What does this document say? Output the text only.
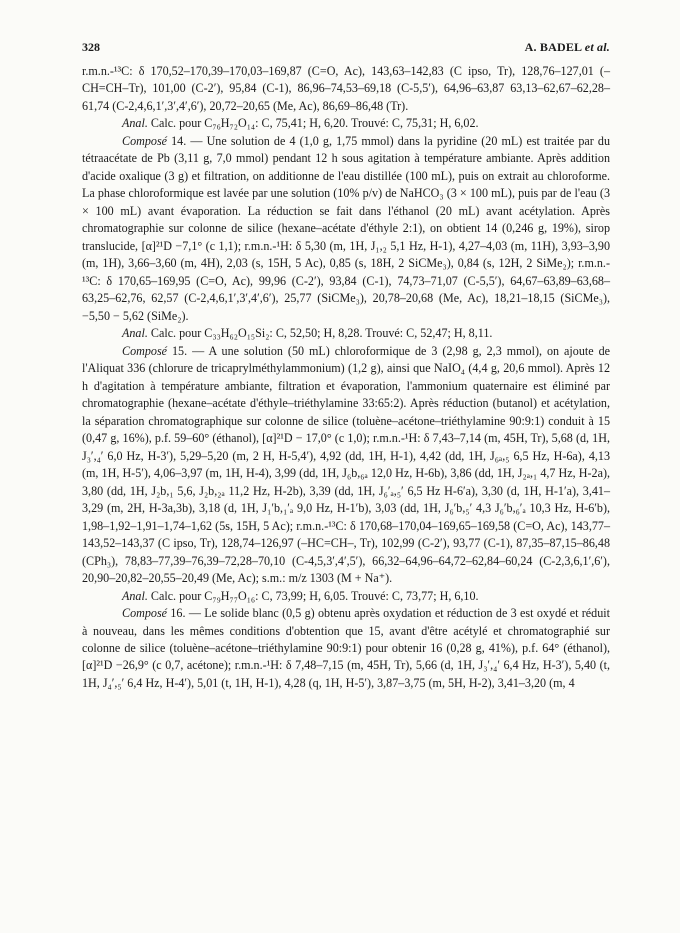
328	A. BADEL et al.

r.m.n.-¹³C: δ 170,52–170,39–170,03–169,87 (C=O, Ac), 143,63–142,83 (C ipso, Tr), 128,76–127,01 (–CH=CH–Tr), 101,00 (C-2′), 95,84 (C-1), 86,96–74,53–69,18 (C-5,5′), 64,96–63,87 63,13–62,67–62,28–61,74 (C-2,4,6,1′,3′,4′,6′), 20,72–20,65 (Me, Ac), 86,69–86,48 (Tr).

Anal. Calc. pour C₇₆H₇₂O₁₄: C, 75,41; H, 6,20. Trouvé: C, 75,31; H, 6,02.

Composé 14. — Une solution de 4 (1,0 g, 1,75 mmol) dans la pyridine (20 mL) est traitée par du tétraacétate de Pb (3,11 g, 7,0 mmol) pendant 12 h sous agitation à température ambiante. Après addition d'acide oxalique (3 g) et filtration, on additionne de l'eau distillée (100 mL), puis on extrait au chloroforme. La phase chloroformique est lavée par une solution (10% p/v) de NaHCO₃ (3 × 100 mL), puis par de l'eau (3 × 100 mL) avant évaporation. La réduction se fait dans l'éthanol (20 mL) avant acétylation. Après chromatographie sur colonne de silice (hexane–acétate d'éthyle 2:1), on obtient 14 (0,246 g, 19%), sirop translucide, [α]²¹D −7,1° (c 1,1); r.m.n.-¹H: δ 5,30 (m, 1H, J₁,₂ 5,1 Hz, H-1), 4,27–4,03 (m, 11H), 3,93–3,90 (m, 1H), 3,66–3,60 (m, 4H), 2,03 (s, 15H, 5 Ac), 0,85 (s, 18H, 2 SiCMe₃), 0,84 (s, 12H, 2 SiMe₂); r.m.n.-¹³C: δ 170,65–169,95 (C=O, Ac), 99,96 (C-2′), 93,84 (C-1), 74,73–71,07 (C-5,5′), 64,67–63,89–63,68–63,25–62,76, 62,57 (C-2,4,6,1′,3′,4′,6′), 25,77 (SiCMe₃), 20,78–20,68 (Me, Ac), 18,21–18,15 (SiCMe₃), −5,50 − 5,62 (SiMe₂).

Anal. Calc. pour C₃₃H₆₂O₁₅Si₂: C, 52,50; H, 8,28. Trouvé: C, 52,47; H, 8,11.

Composé 15. — A une solution (50 mL) chloroformique de 3 (2,98 g, 2,3 mmol), on ajoute de l'Aliquat 336 (chlorure de tricaprylméthylammonium) (1,2 g), ainsi que NaIO₄ (4,4 g, 20,6 mmol). Après 12 h d'agitation à température ambiante, filtration et évaporation, l'ammonium quaternaire est éliminé par chromatographie (hexane–acétate d'éthyle–triéthylamine 33:65:2). Après réduction (butanol) et acétylation, la séparation chromatographique sur colonne de silice (toluène–acétone–triéthylamine 90:9:1) conduit à 15 (0,47 g, 16%), p.f. 59–60° (éthanol), [α]²¹D − 17,0° (c 1,0); r.m.n.-¹H: δ 7,43–7,14 (m, 45H, Tr), 5,68 (d, 1H, J₃′,₄′ 6,0 Hz, H-3′), 5,29–5,20 (m, 2 H, H-5,4′), 4,92 (dd, 1H, H-1), 4,42 (dd, 1H, J₆ₐ,₅ 6,5 Hz, H-6a), 4,13 (m, 1H, H-5′), 4,06–3,97 (m, 1H, H-4), 3,99 (dd, 1H, J₆b,₆ₐ 12,0 Hz, H-6b), 3,86 (dd, 1H, J₂ₐ,₁ 4,7 Hz, H-2a), 3,80 (dd, 1H, J₂b,₁ 5,6, J₂b,₂ₐ 11,2 Hz, H-2b), 3,39 (dd, 1H, J₆′ₐ,₅′ 6,5 Hz H-6′a), 3,30 (d, 1H, H-1′a), 3,41–3,29 (m, 2H, H-3a,3b), 3,18 (d, 1H, J₁′b,₁′ₐ 9,0 Hz, H-1′b), 3,03 (dd, 1H, J₆′b,₅′ 4,3 J₆′b,₆′ₐ 10,3 Hz, H-6′b), 1,98–1,92–1,91–1,74–1,62 (5s, 15H, 5 Ac); r.m.n.-¹³C: δ 170,68–170,04–169,65–169,58 (C=O, Ac), 143,77–143,52–143,37 (C ipso, Tr), 128,74–126,97 (–HC=CH–, Tr), 102,99 (C-2′), 93,77 (C-1), 87,35–87,15–86,48 (CPh₃), 78,83–77,39–76,39–72,28–70,10 (C-4,5,3′,4′,5′), 66,32–64,96–64,72–62,84–60,24 (C-2,3,6,1′,6′), 20,90–20,82–20,55–20,49 (Me, Ac); s.m.: m/z 1303 (M + Na⁺).

Anal. Calc. pour C₇₉H₇₇O₁₆: C, 73,99; H, 6,05. Trouvé: C, 73,77; H, 6,10.

Composé 16. — Le solide blanc (0,5 g) obtenu après oxydation et réduction de 3 est oxydé et réduit à nouveau, dans les mêmes conditions d'obtention que 15, avant d'être acétylé et chromatographié sur colonne de silice (toluène–acétone–triéthylamine 90:9:1) pour obtenir 16 (0,28 g, 41%), p.f. 64° (éthanol), [α]²¹D −26,9° (c 0,7, acétone); r.m.n.-¹H: δ 7,48–7,15 (m, 45H, Tr), 5,66 (d, 1H, J₃′,₄′ 6,4 Hz, H-3′), 5,40 (t, 1H, J₄′,₅′ 6,4 Hz, H-4′), 5,01 (t, 1H, H-1), 4,28 (q, 1H, H-5′), 3,87–3,75 (m, 5H, H-2), 3,41–3,20 (m, 4
